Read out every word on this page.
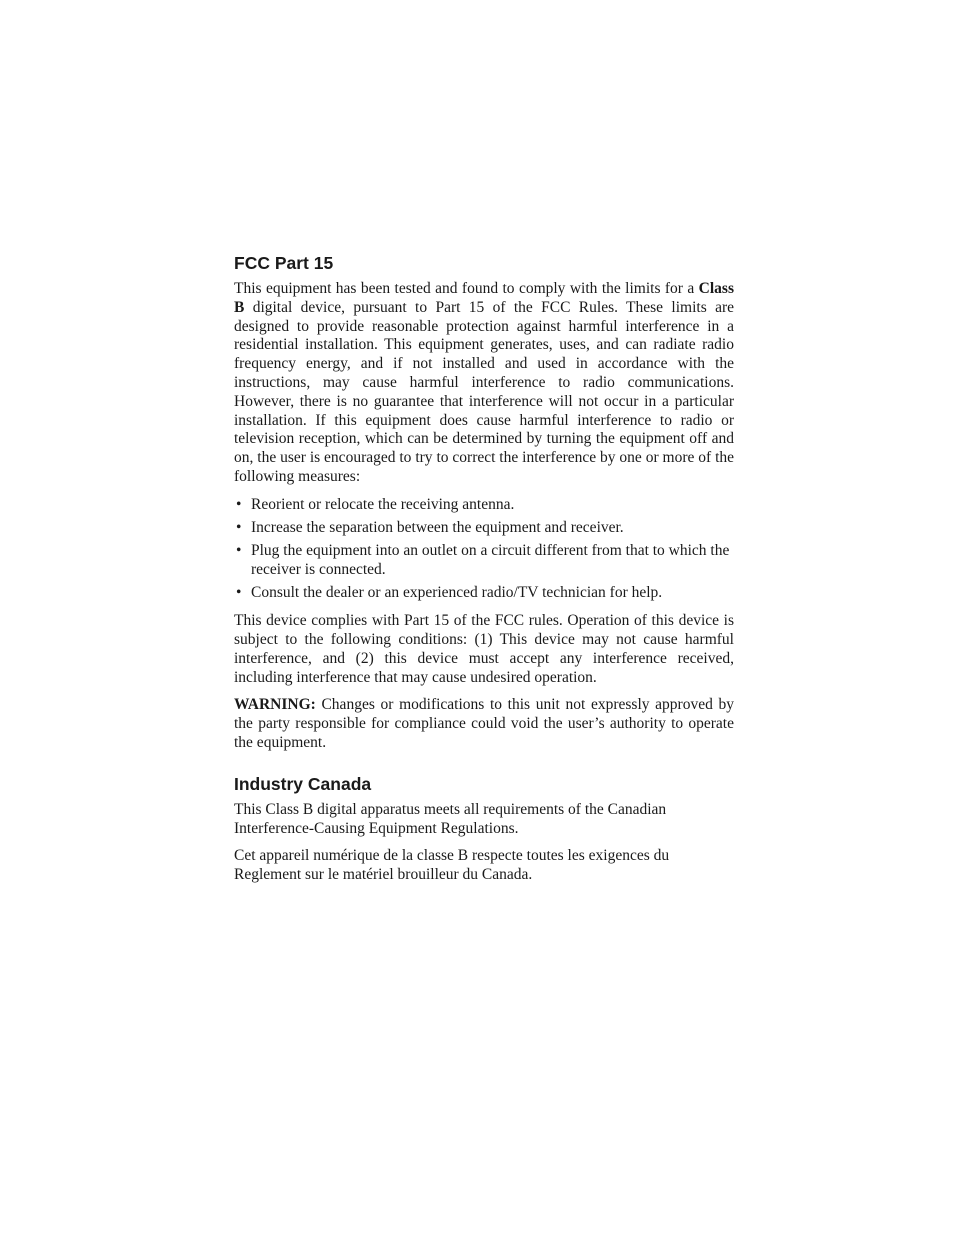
FCC Part 15

This equipment has been tested and found to comply with the limits for a Class B digital device, pursuant to Part 15 of the FCC Rules. These limits are designed to provide reasonable protection against harmful interference in a residential installation. This equipment generates, uses, and can radiate radio frequency energy, and if not installed and used in accordance with the instructions, may cause harmful interference to radio communications. However, there is no guarantee that interference will not occur in a particular installation. If this equipment does cause harmful interference to radio or television reception, which can be determined by turning the equipment off and on, the user is encouraged to try to correct the interference by one or more of the following measures:

• Reorient or relocate the receiving antenna.
• Increase the separation between the equipment and receiver.
• Plug the equipment into an outlet on a circuit different from that to which the receiver is connected.
• Consult the dealer or an experienced radio/TV technician for help.

This device complies with Part 15 of the FCC rules. Operation of this device is subject to the following conditions: (1) This device may not cause harmful interference, and (2) this device must accept any interference received, including interference that may cause undesired operation.

WARNING: Changes or modifications to this unit not expressly approved by the party responsible for compliance could void the user’s authority to operate the equipment.

Industry Canada

This Class B digital apparatus meets all requirements of the Canadian Interference-Causing Equipment Regulations.

Cet appareil numérique de la classe B respecte toutes les exigences du Reglement sur le matériel brouilleur du Canada.
